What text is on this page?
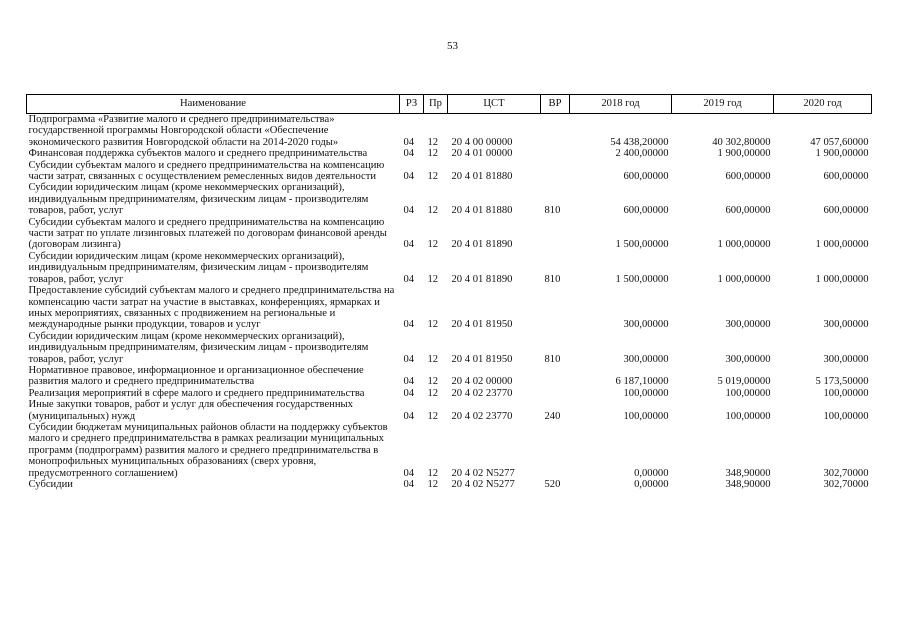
53
Наименование	РЗ	Пр	ЦСТ	ВР	2018 год	2019 год	2020 год
Подпрограмма «Развитие малого и среднего предпринимательства» государственной программы Новгородской области «Обеспечение экономического развития Новгородской области на 2014-2020 годы»	04	12	20 4 00 00000		54 438,20000	40 302,80000	47 057,60000
Финансовая поддержка субъектов малого и среднего предпринимательства	04	12	20 4 01 00000		2 400,00000	1 900,00000	1 900,00000
Субсидии субъектам малого и среднего предпринимательства на компенсацию части затрат, связанных с осуществлением ремесленных видов деятельности	04	12	20 4 01 81880		600,00000	600,00000	600,00000
Субсидии юридическим лицам (кроме некоммерческих организаций), индивидуальным предпринимателям, физическим лицам - производителям товаров, работ, услуг	04	12	20 4 01 81880	810	600,00000	600,00000	600,00000
Субсидии субъектам малого и среднего предпринимательства на компенсацию части затрат по уплате лизинговых платежей по договорам финансовой аренды (договорам лизинга)	04	12	20 4 01 81890		1 500,00000	1 000,00000	1 000,00000
Субсидии юридическим лицам (кроме некоммерческих организаций), индивидуальным предпринимателям, физическим лицам - производителям товаров, работ, услуг	04	12	20 4 01 81890	810	1 500,00000	1 000,00000	1 000,00000
Предоставление субсидий субъектам малого и среднего предпринимательства на компенсацию части затрат на участие в выставках, конференциях, ярмарках и иных мероприятиях, связанных с продвижением на региональные и международные рынки продукции, товаров и услуг	04	12	20 4 01 81950		300,00000	300,00000	300,00000
Субсидии юридическим лицам (кроме некоммерческих организаций), индивидуальным предпринимателям, физическим лицам - производителям товаров, работ, услуг	04	12	20 4 01 81950	810	300,00000	300,00000	300,00000
Нормативное правовое, информационное и организационное обеспечение развития малого и среднего предпринимательства	04	12	20 4 02 00000		6 187,10000	5 019,00000	5 173,50000
Реализация мероприятий в сфере малого и среднего предпринимательства	04	12	20 4 02 23770		100,00000	100,00000	100,00000
Иные закупки товаров, работ и услуг для обеспечения государственных (муниципальных) нужд	04	12	20 4 02 23770	240	100,00000	100,00000	100,00000
Субсидии бюджетам муниципальных районов области на поддержку субъектов малого и среднего предпринимательства в рамках реализации муниципальных программ (подпрограмм) развития малого и среднего предпринимательства в монопрофильных муниципальных образованиях (сверх уровня, предусмотренного соглашением)	04	12	20 4 02 N5277		0,00000	348,90000	302,70000
Субсидии	04	12	20 4 02 N5277	520	0,00000	348,90000	302,70000
